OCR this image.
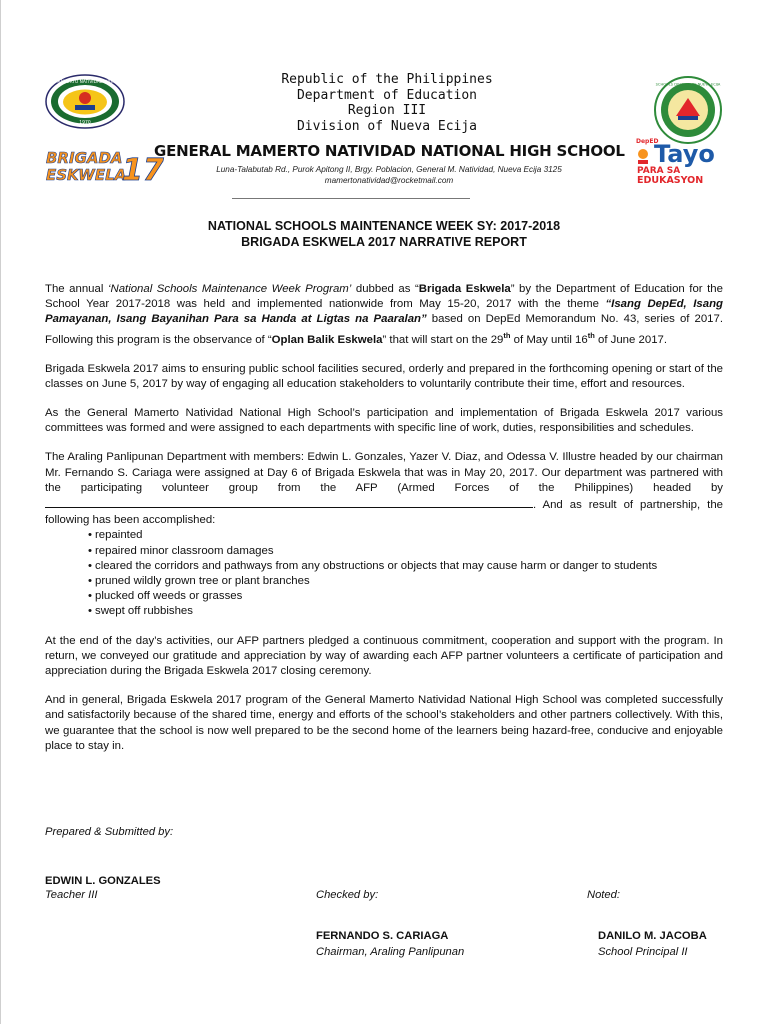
GENERAL MAMERTO NATIVIDAD HIGH SCHOOL
1970
Republic of the Philippines
Department of Education
Region III
Division of Nueva Ecija
SCHOOLS DIVISION OF NUEVA ECIJA
BRIGADA
ESKWELA
17
GENERAL MAMERTO NATIVIDAD NATIONAL HIGH SCHOOL
Luna-Talabutab Rd., Purok Apitong II, Brgy. Poblacion, General M. Natividad, Nueva Ecija 3125
mamertonatividad@rocketmail.com
DepED
Tayo
PARA SA
EDUKASYON
NATIONAL SCHOOLS MAINTENANCE WEEK SY: 2017-2018
BRIGADA ESKWELA 2017 NARRATIVE REPORT

The annual ‘National Schools Maintenance Week Program’ dubbed as “Brigada Eskwela” by the Department of Education for the School Year 2017-2018 was held and implemented nationwide from May 15-20, 2017 with the theme “Isang DepEd, Isang Pamayanan, Isang Bayanihan Para sa Handa at Ligtas na Paaralan” based on DepEd Memorandum No. 43, series of 2017. Following this program is the observance of “Oplan Balik Eskwela” that will start on the 29th of May until 16th of June 2017.

Brigada Eskwela 2017 aims to ensuring public school facilities secured, orderly and prepared in the forthcoming opening or start of the classes on June 5, 2017 by way of engaging all education stakeholders to voluntarily contribute their time, effort and resources.

As the General Mamerto Natividad National High School’s participation and implementation of Brigada Eskwela 2017 various committees was formed and were assigned to each departments with specific line of work, duties, responsibilities and schedules.

The Araling Panlipunan Department with members: Edwin L. Gonzales, Yazer V. Diaz, and Odessa V. Illustre headed by our chairman Mr. Fernando S. Cariaga were assigned at Day 6 of Brigada Eskwela that was in May 20, 2017. Our department was partnered with the participating volunteer group from the AFP (Armed Forces of the Philippines) headed by . And as result of partnership, the following has been accomplished:

• repainted
• repaired minor classroom damages
• cleared the corridors and pathways from any obstructions or objects that may cause harm or danger to students
• pruned wildly grown tree or plant branches
• plucked off weeds or grasses
• swept off rubbishes

At the end of the day’s activities, our AFP partners pledged a continuous commitment, cooperation and support with the program. In return, we conveyed our gratitude and appreciation by way of awarding each AFP partner volunteers a certificate of participation and appreciation during the Brigada Eskwela 2017 closing ceremony.

And in general, Brigada Eskwela 2017 program of the General Mamerto Natividad National High School was completed successfully and satisfactorily because of the shared time, energy and efforts of the school’s stakeholders and other partners collectively. With this, we guarantee that the school is now well prepared to be the second home of the learners being hazard-free, conducive and enjoyable place to stay in.

Prepared & Submitted by:
EDWIN L. GONZALES
Teacher III	Checked by:	Noted:
FERNANDO S. CARIAGA
Chairman, Araling Panlipunan
DANILO M. JACOBA
School Principal II
